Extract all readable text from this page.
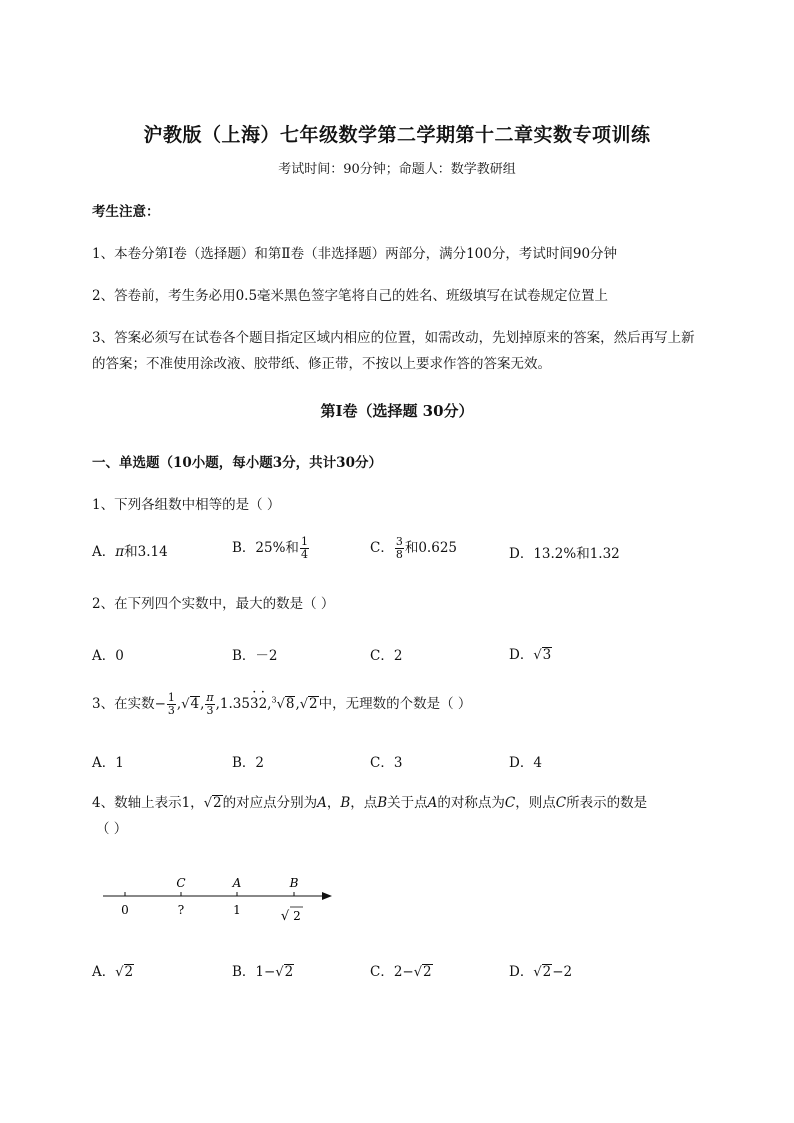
沪教版（上海）七年级数学第二学期第十二章实数专项训练
考试时间：90分钟；命题人：数学教研组
考生注意：
1、本卷分第I卷（选择题）和第Ⅱ卷（非选择题）两部分，满分100分，考试时间90分钟
2、答卷前，考生务必用0.5毫米黑色签字笔将自己的姓名、班级填写在试卷规定位置上
3、答案必须写在试卷各个题目指定区域内相应的位置，如需改动，先划掉原来的答案，然后再写上新
的答案；不准使用涂改液、胶带纸、修正带，不按以上要求作答的答案无效。
第I卷（选择题 30分）
一、单选题（10小题，每小题3分，共计30分）
1、下列各组数中相等的是（ ）
A．π和3.14	B．25%和 $\frac{1}{4}$	C． $\frac{3}{8}$ 和0.625	D．13.2%和1.32
2、在下列四个实数中，最大的数是（ ）
A．0	B．－2	C．2	D．√3
3、在实数− $\frac{1}{3} ,√4$, $\frac{\pi}{3} ,1.35\cdot 3\cdot 2,^3√8,√2$中，无理数的个数是（ ）
A．1	B．2	C．3	D．4
4、数轴上表示1，√2的对应点分别为A，B，点B关于点A的对称点为C，则点C所表示的数是
（ ）
C	A	B
0	?	1	√ 2
A．√2	B．1−√2	C．2−√2	D．√2−2
